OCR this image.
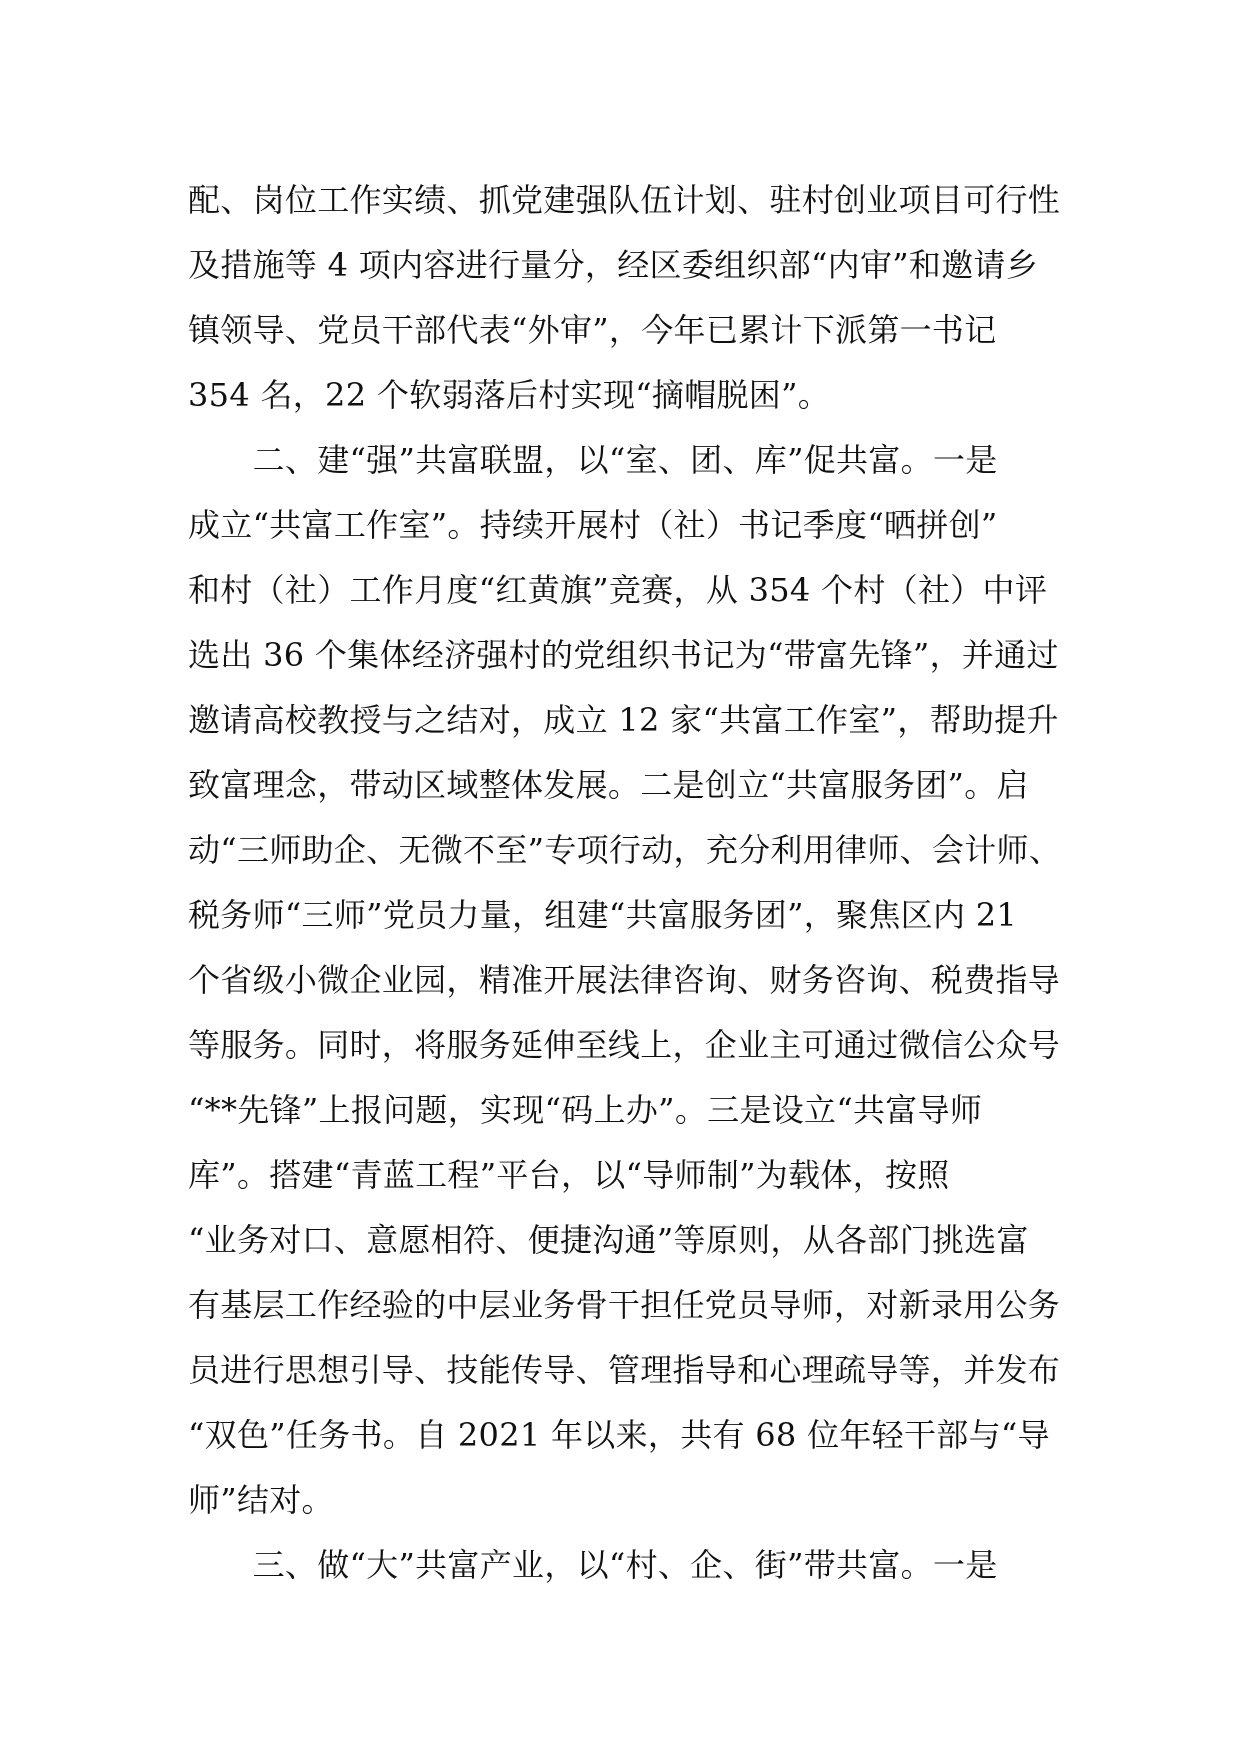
配、岗位工作实绩、抓党建强队伍计划、驻村创业项目可行性
及措施等 4 项内容进行量分，经区委组织部“内审”和邀请乡
镇领导、党员干部代表“外审”，今年已累计下派第一书记
354 名，22 个软弱落后村实现“摘帽脱困”。
　　二、建“强”共富联盟，以“室、团、库”促共富。一是
成立“共富工作室”。持续开展村（社）书记季度“晒拼创”
和村（社）工作月度“红黄旗”竞赛，从 354 个村（社）中评
选出 36 个集体经济强村的党组织书记为“带富先锋”，并通过
邀请高校教授与之结对，成立 12 家“共富工作室”，帮助提升
致富理念，带动区域整体发展。二是创立“共富服务团”。启
动“三师助企、无微不至”专项行动，充分利用律师、会计师、
税务师“三师”党员力量，组建“共富服务团”，聚焦区内 21
个省级小微企业园，精准开展法律咨询、财务咨询、税费指导
等服务。同时，将服务延伸至线上，企业主可通过微信公众号
“**先锋”上报问题，实现“码上办”。三是设立“共富导师
库”。搭建“青蓝工程”平台，以“导师制”为载体，按照
“业务对口、意愿相符、便捷沟通”等原则，从各部门挑选富
有基层工作经验的中层业务骨干担任党员导师，对新录用公务
员进行思想引导、技能传导、管理指导和心理疏导等，并发布
“双色”任务书。自 2021 年以来，共有 68 位年轻干部与“导
师”结对。
　　三、做“大”共富产业，以“村、企、街”带共富。一是
